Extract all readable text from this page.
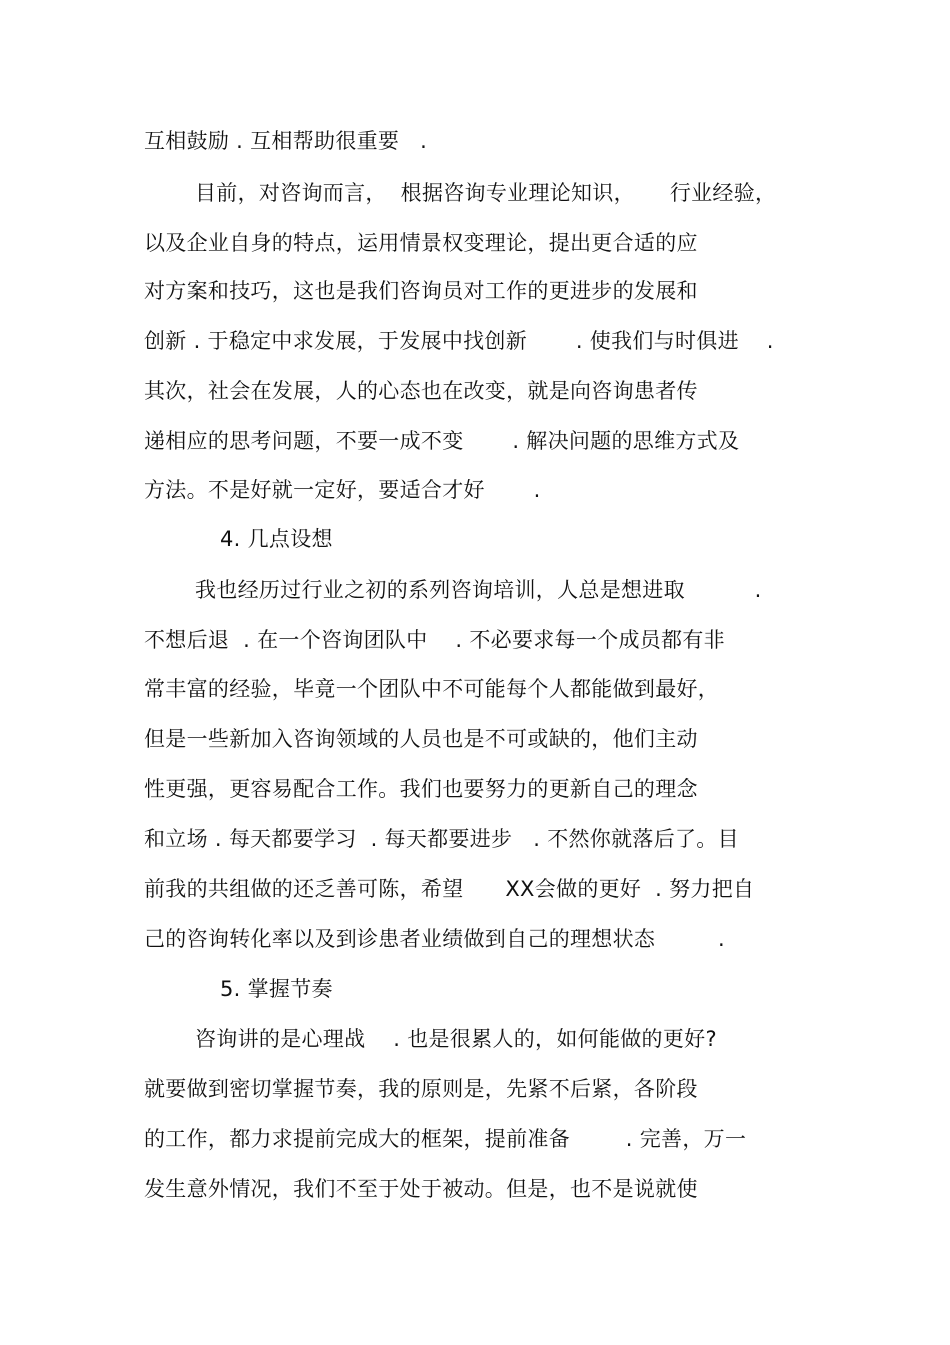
互相鼓励 . 互相帮助很重要   .
目前，对咨询而言，  根据咨询专业理论知识，     行业经验，
以及企业自身的特点，运用情景权变理论，提出更合适的应
对方案和技巧，这也是我们咨询员对工作的更进步的发展和
创新 . 于稳定中求发展，于发展中找创新       . 使我们与时俱进    .
其次，社会在发展，人的心态也在改变，就是向咨询患者传
递相应的思考问题，不要一成不变       . 解决问题的思维方式及
方法。不是好就一定好，要适合才好       .
4. 几点设想
我也经历过行业之初的系列咨询培训，人总是想进取          .
不想后退  . 在一个咨询团队中    . 不必要求每一个成员都有非
常丰富的经验，毕竟一个团队中不可能每个人都能做到最好，
但是一些新加入咨询领域的人员也是不可或缺的，他们主动
性更强，更容易配合工作。我们也要努力的更新自己的理念
和立场 . 每天都要学习  . 每天都要进步   . 不然你就落后了。目
前我的共组做的还乏善可陈，希望      XX会做的更好  . 努力把自
己的咨询转化率以及到诊患者业绩做到自己的理想状态         .
5. 掌握节奏
咨询讲的是心理战    . 也是很累人的，如何能做的更好?
就要做到密切掌握节奏，我的原则是，先紧不后紧，各阶段
的工作，都力求提前完成大的框架，提前准备        . 完善，万一
发生意外情况，我们不至于处于被动。但是，也不是说就使
